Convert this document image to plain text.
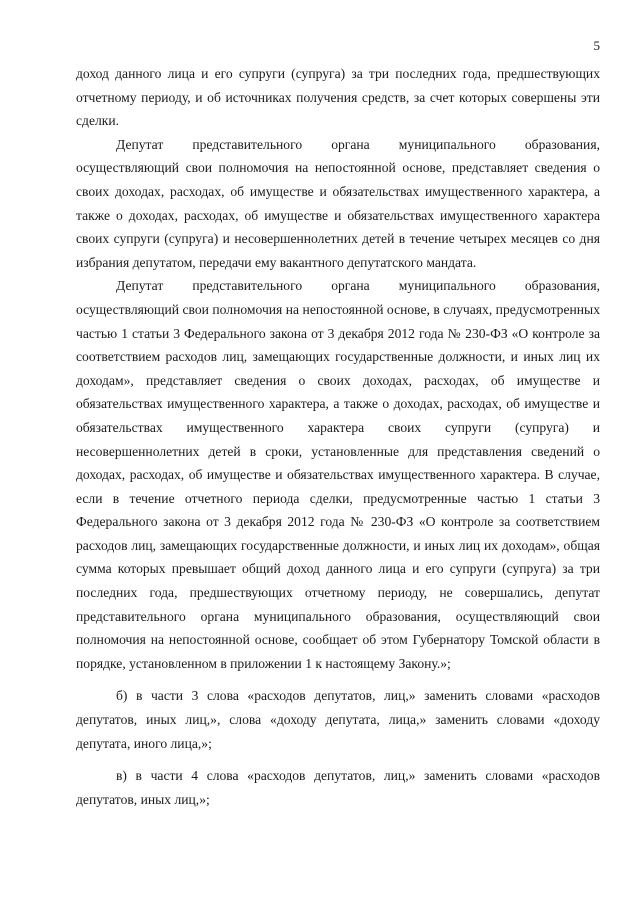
5

доход данного лица и его супруги (супруга) за три последних года, предшествующих отчетному периоду, и об источниках получения средств, за счет которых совершены эти сделки.

Депутат представительного органа муниципального образования, осуществляющий свои полномочия на непостоянной основе, представляет сведения о своих доходах, расходах, об имуществе и обязательствах имущественного характера, а также о доходах, расходах, об имуществе и обязательствах имущественного характера своих супруги (супруга) и несовершеннолетних детей в течение четырех месяцев со дня избрания депутатом, передачи ему вакантного депутатского мандата.

Депутат представительного органа муниципального образования, осуществляющий свои полномочия на непостоянной основе, в случаях, предусмотренных частью 1 статьи 3 Федерального закона от 3 декабря 2012 года № 230-ФЗ «О контроле за соответствием расходов лиц, замещающих государственные должности, и иных лиц их доходам», представляет сведения о своих доходах, расходах, об имуществе и обязательствах имущественного характера, а также о доходах, расходах, об имуществе и обязательствах имущественного характера своих супруги (супруга) и несовершеннолетних детей в сроки, установленные для представления сведений о доходах, расходах, об имуществе и обязательствах имущественного характера. В случае, если в течение отчетного периода сделки, предусмотренные частью 1 статьи 3 Федерального закона от 3 декабря 2012 года № 230-ФЗ «О контроле за соответствием расходов лиц, замещающих государственные должности, и иных лиц их доходам», общая сумма которых превышает общий доход данного лица и его супруги (супруга) за три последних года, предшествующих отчетному периоду, не совершались, депутат представительного органа муниципального образования, осуществляющий свои полномочия на непостоянной основе, сообщает об этом Губернатору Томской области в порядке, установленном в приложении 1 к настоящему Закону.»;

б) в части 3 слова «расходов депутатов, лиц,» заменить словами «расходов депутатов, иных лиц,», слова «доходу депутата, лица,» заменить словами «доходу депутата, иного лица,»;

в) в части 4 слова «расходов депутатов, лиц,» заменить словами «расходов депутатов, иных лиц,»;
